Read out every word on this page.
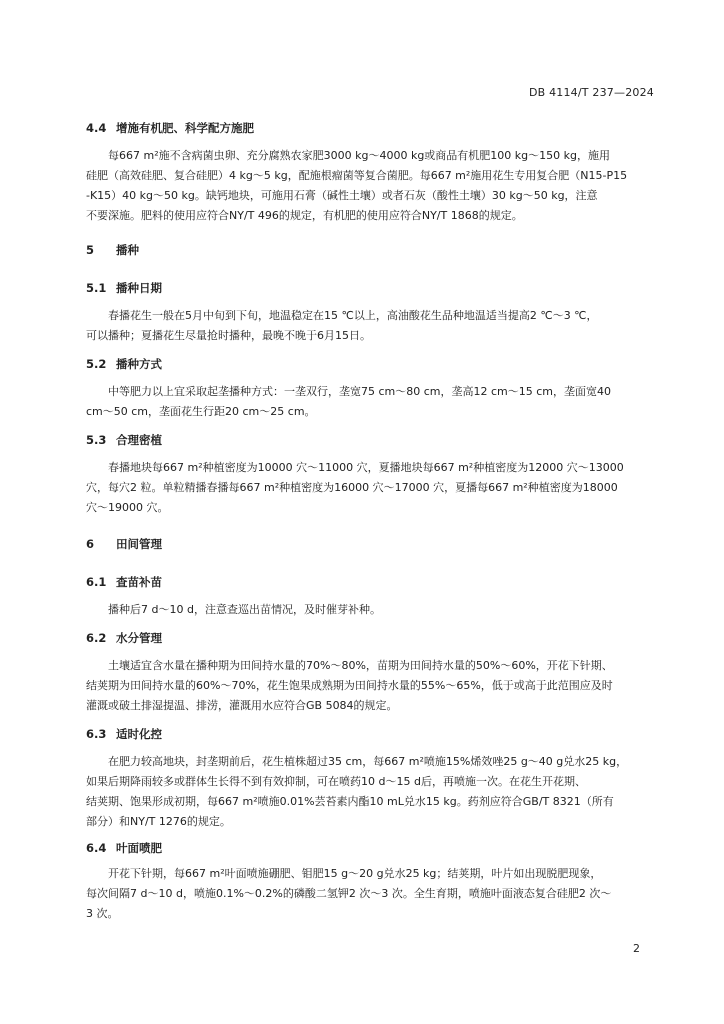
DB 4114/T 237—2024
4.4 增施有机肥、科学配方施肥
每667 m²施不含病菌虫卵、充分腐熟农家肥3000 kg～4000 kg或商品有机肥100 kg～150 kg，施用
硅肥（高效硅肥、复合硅肥）4 kg～5 kg，配施根瘤菌等复合菌肥。每667 m²施用花生专用复合肥（N15-P15
-K15）40 kg～50 kg。缺钙地块，可施用石膏（碱性土壤）或者石灰（酸性土壤）30 kg～50 kg，注意
不要深施。肥料的使用应符合NY/T 496的规定，有机肥的使用应符合NY/T 1868的规定。
5 播种
5.1 播种日期
春播花生一般在5月中旬到下旬，地温稳定在15 ℃以上，高油酸花生品种地温适当提高2 ℃～3 ℃，
可以播种；夏播花生尽量抢时播种，最晚不晚于6月15日。
5.2 播种方式
中等肥力以上宜采取起垄播种方式：一垄双行，垄宽75 cm～80 cm，垄高12 cm～15 cm，垄面宽40
cm～50 cm，垄面花生行距20 cm～25 cm。
5.3 合理密植
春播地块每667 m²种植密度为10000 穴～11000 穴，夏播地块每667 m²种植密度为12000 穴～13000
穴，每穴2 粒。单粒精播春播每667 m²种植密度为16000 穴～17000 穴，夏播每667 m²种植密度为18000
穴～19000 穴。
6 田间管理
6.1 查苗补苗
播种后7 d～10 d，注意查巡出苗情况，及时催芽补种。
6.2 水分管理
土壤适宜含水量在播种期为田间持水量的70%～80%，苗期为田间持水量的50%～60%，开花下针期、
结荚期为田间持水量的60%～70%，花生饱果成熟期为田间持水量的55%～65%，低于或高于此范围应及时
灌溉或破土排湿提温、排涝，灌溉用水应符合GB 5084的规定。
6.3 适时化控
在肥力较高地块，封垄期前后，花生植株超过35 cm，每667 m²喷施15%烯效唑25 g～40 g兑水25 kg，
如果后期降雨较多或群体生长得不到有效抑制，可在喷药10 d～15 d后，再喷施一次。在花生开花期、
结荚期、饱果形成初期，每667 m²喷施0.01%芸苔素内酯10 mL兑水15 kg。药剂应符合GB/T 8321（所有
部分）和NY/T 1276的规定。
6.4 叶面喷肥
开花下针期，每667 m²叶面喷施硼肥、钼肥15 g～20 g兑水25 kg；结荚期，叶片如出现脱肥现象，
每次间隔7 d～10 d，喷施0.1%～0.2%的磷酸二氢钾2 次～3 次。全生育期，喷施叶面液态复合硅肥2 次～
3 次。
2
